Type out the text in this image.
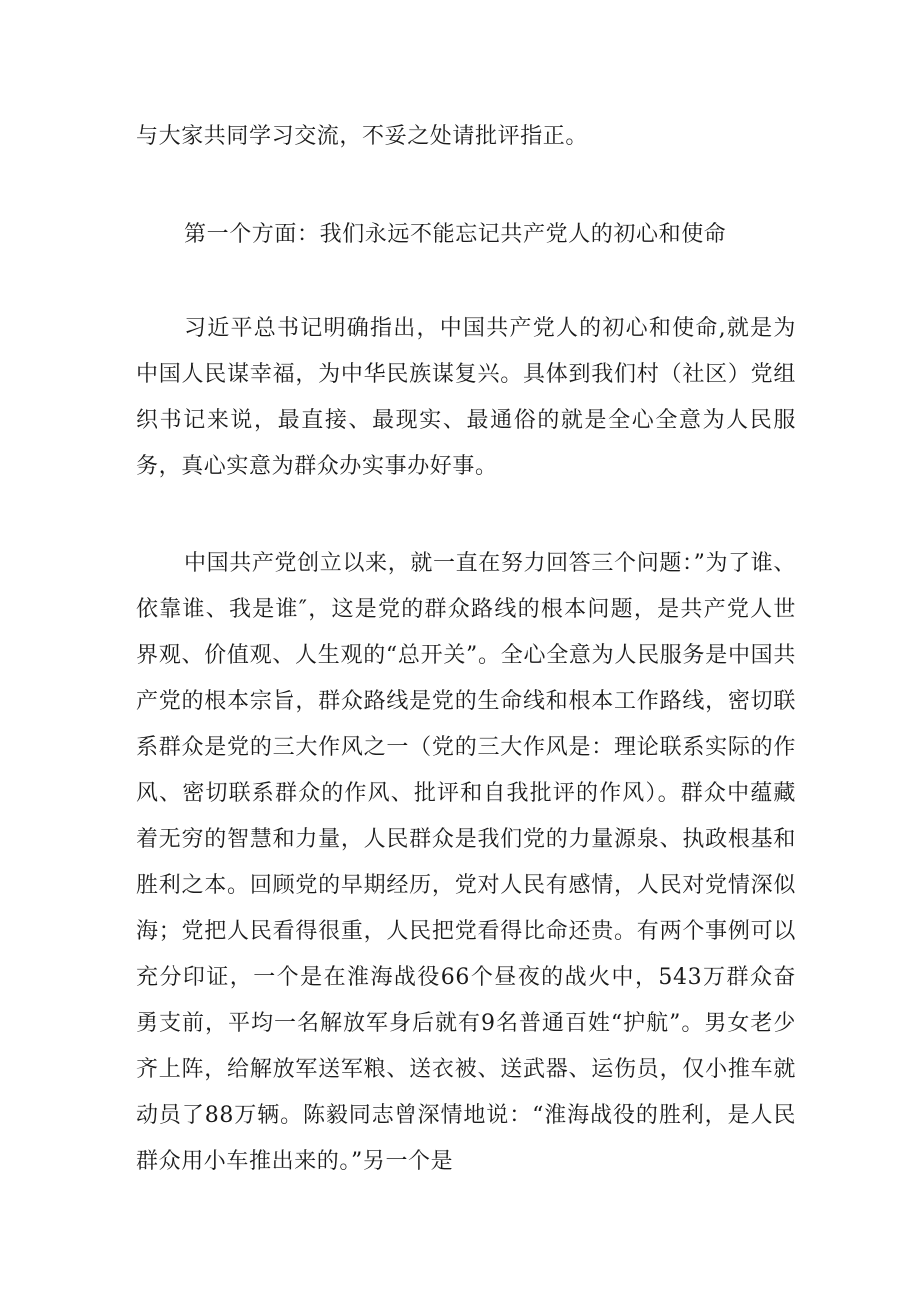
与大家共同学习交流，不妥之处请批评指正。

第一个方面：我们永远不能忘记共产党人的初心和使命

习近平总书记明确指出，中国共产党人的初心和使命,就是为中国人民谋幸福，为中华民族谋复兴。具体到我们村（社区）党组织书记来说，最直接、最现实、最通俗的就是全心全意为人民服务，真心实意为群众办实事办好事。

中国共产党创立以来，就一直在努力回答三个问题：”为了谁、依靠谁、我是谁″，这是党的群众路线的根本问题，是共产党人世界观、价值观、人生观的“总开关”。全心全意为人民服务是中国共产党的根本宗旨，群众路线是党的生命线和根本工作路线，密切联系群众是党的三大作风之一（党的三大作风是：理论联系实际的作风、密切联系群众的作风、批评和自我批评的作风）。群众中蕴藏着无穷的智慧和力量，人民群众是我们党的力量源泉、执政根基和胜利之本。回顾党的早期经历，党对人民有感情，人民对党情深似海；党把人民看得很重，人民把党看得比命还贵。有两个事例可以充分印证，一个是在淮海战役66个昼夜的战火中，543万群众奋勇支前，平均一名解放军身后就有9名普通百姓“护航”。男女老少齐上阵，给解放军送军粮、送衣被、送武器、运伤员，仅小推车就动员了88万辆。陈毅同志曾深情地说：“淮海战役的胜利，是人民群众用小车推出来的。”另一个是
